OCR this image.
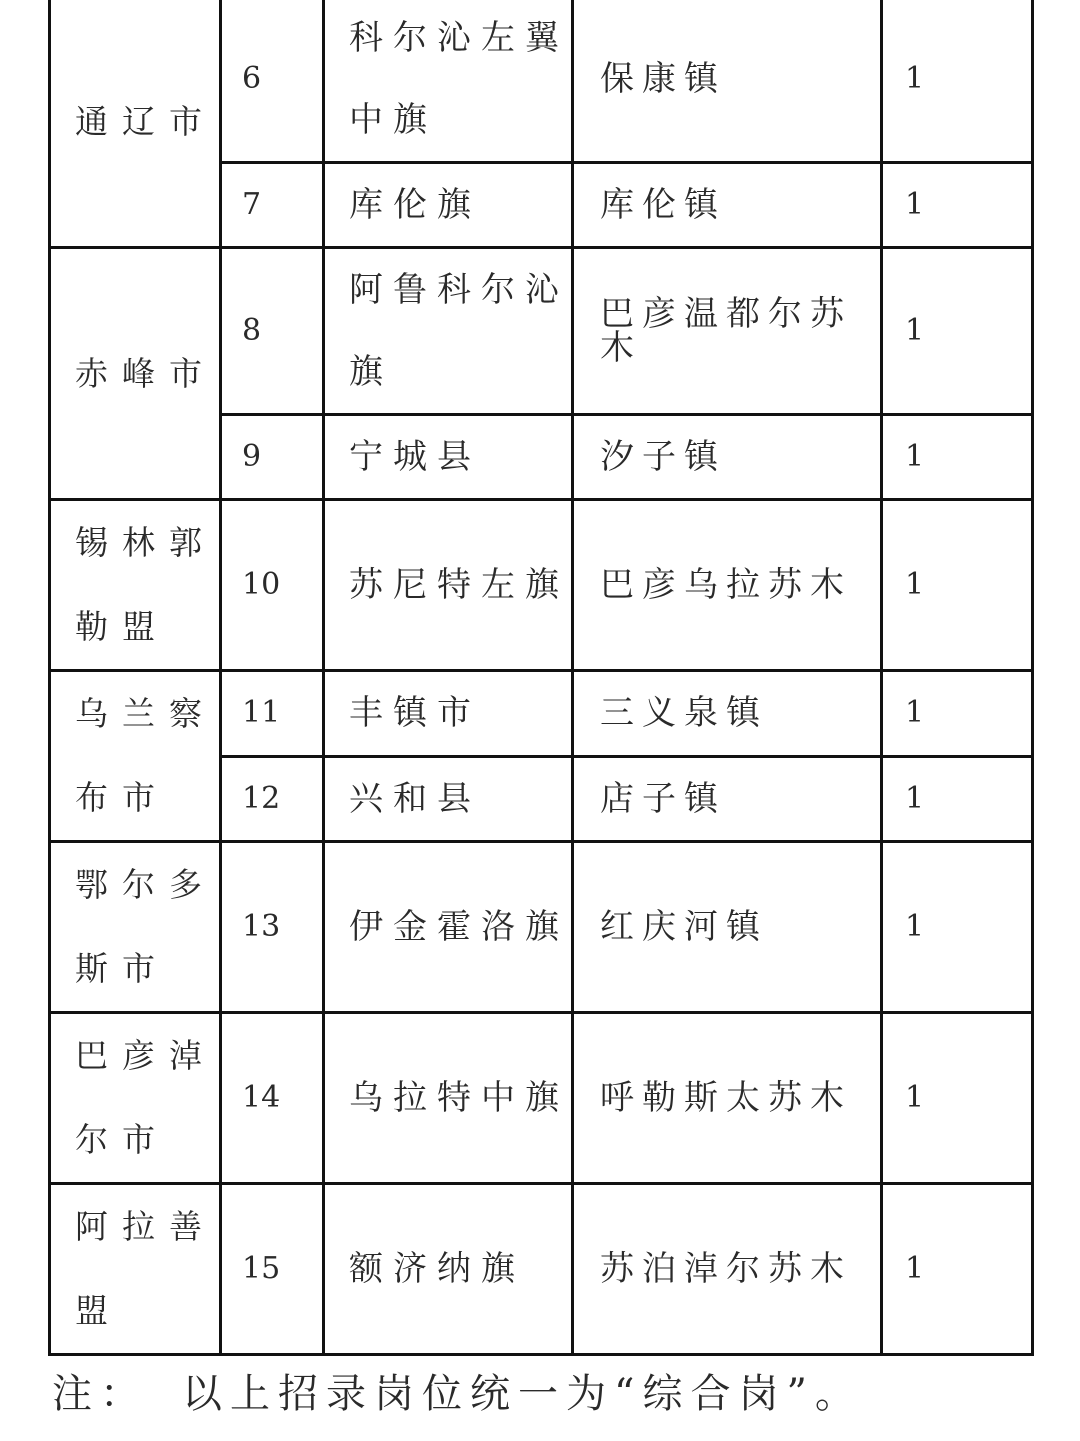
通辽市	6	科尔沁左翼中旗	保康镇	1
	7	库伦旗	库伦镇	1
赤峰市	8	阿鲁科尔沁旗	巴彦温都尔苏木	1
	9	宁城县	汐子镇	1
锡林郭勒盟	10	苏尼特左旗	巴彦乌拉苏木	1
乌兰察布市	11	丰镇市	三义泉镇	1
	12	兴和县	店子镇	1
鄂尔多斯市	13	伊金霍洛旗	红庆河镇	1
巴彦淖尔市	14	乌拉特中旗	呼勒斯太苏木	1
阿拉善盟	15	额济纳旗	苏泊淖尔苏木	1
注： 以上招录岗位统一为“综合岗”。
